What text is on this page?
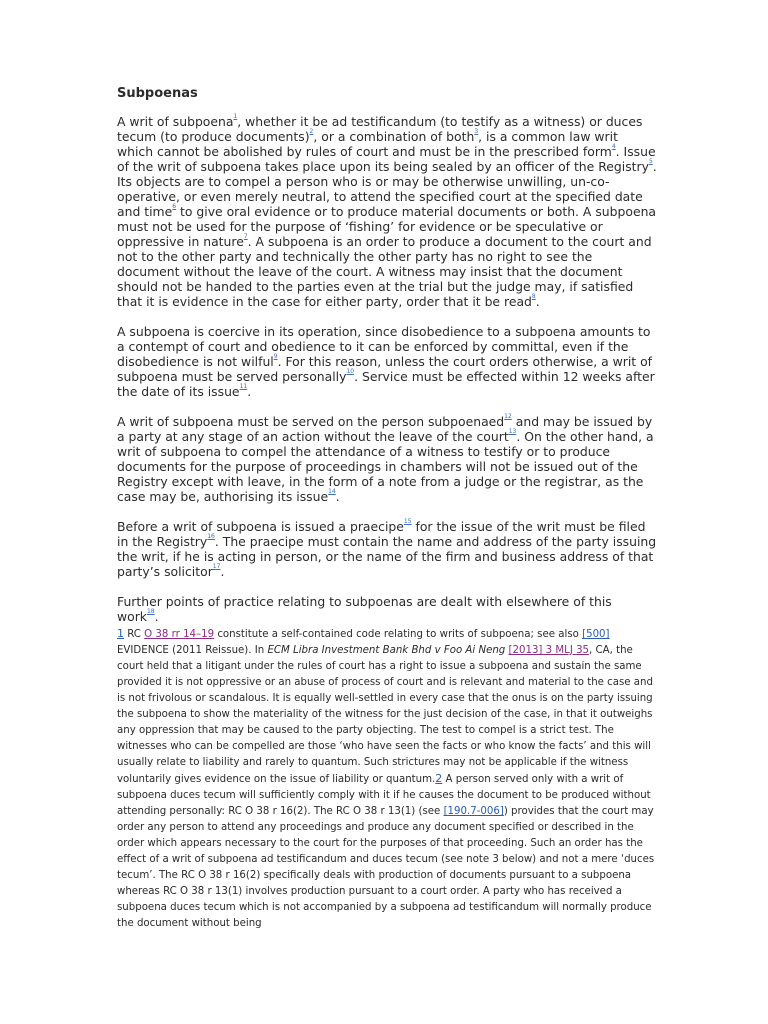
Subpoenas

A writ of subpoena$^1$, whether it be ad testificandum (to testify as a witness) or duces tecum (to produce documents)$^2$, or a combination of both$^3$, is a common law writ which cannot be abolished by rules of court and must be in the prescribed form$^4$. Issue of the writ of subpoena takes place upon its being sealed by an officer of the Registry$^5$. Its objects are to compel a person who is or may be otherwise unwilling, un-co-operative, or even merely neutral, to attend the specified court at the specified date and time$^6$ to give oral evidence or to produce material documents or both. A subpoena must not be used for the purpose of ‘fishing’ for evidence or be speculative or oppressive in nature$^7$. A subpoena is an order to produce a document to the court and not to the other party and technically the other party has no right to see the document without the leave of the court. A witness may insist that the document should not be handed to the parties even at the trial but the judge may, if satisfied that it is evidence in the case for either party, order that it be read$^8$.

A subpoena is coercive in its operation, since disobedience to a subpoena amounts to a contempt of court and obedience to it can be enforced by committal, even if the disobedience is not wilful$^9$. For this reason, unless the court orders otherwise, a writ of subpoena must be served personally$^{10}$. Service must be effected within 12 weeks after the date of its issue$^{11}$.

A writ of subpoena must be served on the person subpoenaed$^{12}$ and may be issued by a party at any stage of an action without the leave of the court$^{13}$. On the other hand, a writ of subpoena to compel the attendance of a witness to testify or to produce documents for the purpose of proceedings in chambers will not be issued out of the Registry except with leave, in the form of a note from a judge or the registrar, as the case may be, authorising its issue$^{14}$.

Before a writ of subpoena is issued a praecipe$^{15}$ for the issue of the writ must be filed in the Registry$^{16}$. The praecipe must contain the name and address of the party issuing the writ, if he is acting in person, or the name of the firm and business address of that party’s solicitor$^{17}$.

Further points of practice relating to subpoenas are dealt with elsewhere of this work$^{18}$.

1 RC O 38 rr 14–19 constitute a self-contained code relating to writs of subpoena; see also [500] EVIDENCE (2011 Reissue). In ECM Libra Investment Bank Bhd v Foo Ai Neng [2013] 3 MLJ 35, CA, the court held that a litigant under the rules of court has a right to issue a subpoena and sustain the same provided it is not oppressive or an abuse of process of court and is relevant and material to the case and is not frivolous or scandalous. It is equally well-settled in every case that the onus is on the party issuing the subpoena to show the materiality of the witness for the just decision of the case, in that it outweighs any oppression that may be caused to the party objecting. The test to compel is a strict test. The witnesses who can be compelled are those ‘who have seen the facts or who know the facts’ and this will usually relate to liability and rarely to quantum. Such strictures may not be applicable if the witness voluntarily gives evidence on the issue of liability or quantum.2 A person served only with a writ of subpoena duces tecum will sufficiently comply with it if he causes the document to be produced without attending personally: RC O 38 r 16(2). The RC O 38 r 13(1) (see [190.7-006]) provides that the court may order any person to attend any proceedings and produce any document specified or described in the order which appears necessary to the court for the purposes of that proceeding. Such an order has the effect of a writ of subpoena ad testificandum and duces tecum (see note 3 below) and not a mere ‘duces tecum’. The RC O 38 r 16(2) specifically deals with production of documents pursuant to a subpoena whereas RC O 38 r 13(1) involves production pursuant to a court order. A party who has received a subpoena duces tecum which is not accompanied by a subpoena ad testificandum will normally produce the document without being
